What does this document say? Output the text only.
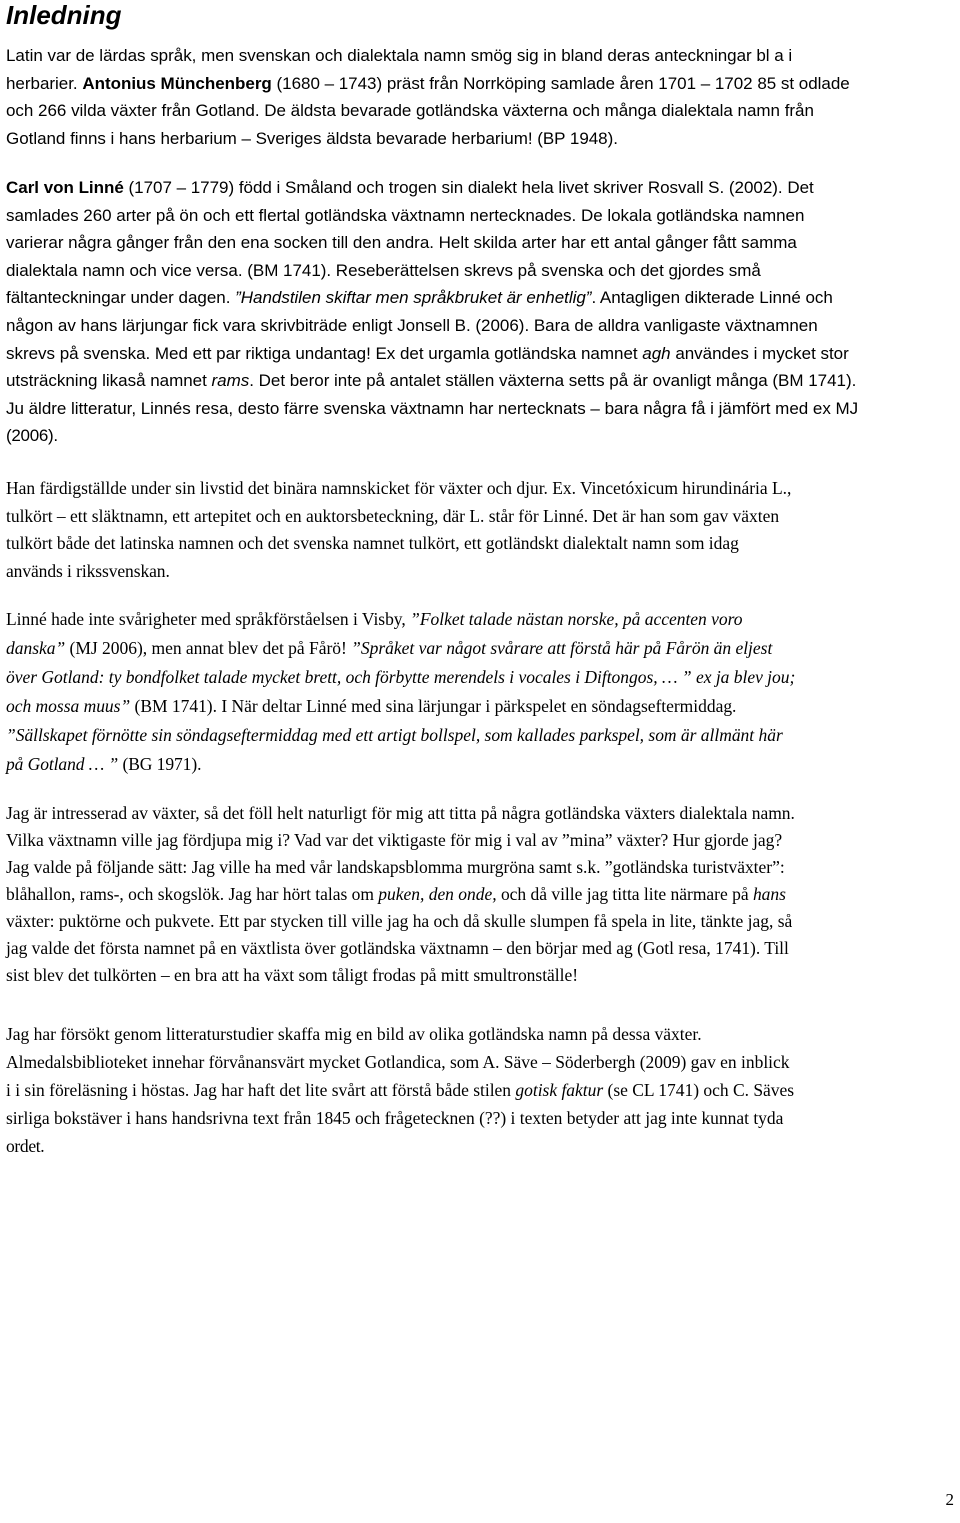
Inledning

Latin var de lärdas språk, men svenskan och dialektala namn smög sig in bland deras anteckningar bl a i
herbarier. Antonius Münchenberg (1680 – 1743) präst från Norrköping samlade åren 1701 – 1702 85 st odlade
och 266 vilda växter från Gotland. De äldsta bevarade gotländska växterna och många dialektala namn från
Gotland finns i hans herbarium – Sveriges äldsta bevarade herbarium! (BP 1948).

Carl von Linné (1707 – 1779) född i Småland och trogen sin dialekt hela livet skriver Rosvall S. (2002). Det
samlades 260 arter på ön och ett flertal gotländska växtnamn nertecknades. De lokala gotländska namnen
varierar några gånger från den ena socken till den andra. Helt skilda arter har ett antal gånger fått samma
dialektala namn och vice versa. (BM 1741). Reseberättelsen skrevs på svenska och det gjordes små
fältanteckningar under dagen. ”Handstilen skiftar men språkbruket är enhetlig”. Antagligen dikterade Linné och
någon av hans lärjungar fick vara skrivbiträde enligt Jonsell B. (2006). Bara de alldra vanligaste växtnamnen
skrevs på svenska. Med ett par riktiga undantag! Ex det urgamla gotländska namnet agh användes i mycket stor
utsträckning likaså namnet rams. Det beror inte på antalet ställen växterna setts på är ovanligt många (BM 1741).
Ju äldre litteratur, Linnés resa, desto färre svenska växtnamn har nertecknats – bara några få i jämfört med ex MJ
(2006).

Han färdigställde under sin livstid det binära namnskicket för växter och djur. Ex. Vincetóxicum hirundinária L.,
tulkört – ett släktnamn, ett artepitet och en auktorsbeteckning, där L. står för Linné. Det är han som gav växten
tulkört både det latinska namnen och det svenska namnet tulkört, ett gotländskt dialektalt namn som idag
används i rikssvenskan.

Linné hade inte svårigheter med språkförståelsen i Visby, ”Folket talade nästan norske, på accenten voro
danska” (MJ 2006), men annat blev det på Fårö! ”Språket var något svårare att förstå här på Fårön än eljest
över Gotland: ty bondfolket talade mycket brett, och förbytte merendels i vocales i Diftongos, … ” ex ja blev jou;
och mossa muus” (BM 1741). I När deltar Linné med sina lärjungar i pärkspelet en söndagseftermiddag.
”Sällskapet förnötte sin söndagseftermiddag med ett artigt bollspel, som kallades parkspel, som är allmänt här
på Gotland … ” (BG 1971).

Jag är intresserad av växter, så det föll helt naturligt för mig att titta på några gotländska växters dialektala namn.
Vilka växtnamn ville jag fördjupa mig i? Vad var det viktigaste för mig i val av ”mina” växter? Hur gjorde jag?
Jag valde på följande sätt: Jag ville ha med vår landskapsblomma murgröna samt s.k. ”gotländska turistväxter”:
blåhallon, rams-, och skogslök. Jag har hört talas om puken, den onde, och då ville jag titta lite närmare på hans
växter: puktörne och pukvete. Ett par stycken till ville jag ha och då skulle slumpen få spela in lite, tänkte jag, så
jag valde det första namnet på en växtlista över gotländska växtnamn – den börjar med ag (Gotl resa, 1741). Till
sist blev det tulkörten – en bra att ha växt som tåligt frodas på mitt smultronställe!

Jag har försökt genom litteraturstudier skaffa mig en bild av olika gotländska namn på dessa växter.
Almedalsbiblioteket innehar förvånansvärt mycket Gotlandica, som A. Säve – Söderbergh (2009) gav en inblick
i i sin föreläsning i höstas. Jag har haft det lite svårt att förstå både stilen gotisk faktur (se CL 1741) och C. Säves
sirliga bokstäver i hans handsrivna text från 1845 och frågetecknen (??) i texten betyder att jag inte kunnat tyda
ordet.

2
